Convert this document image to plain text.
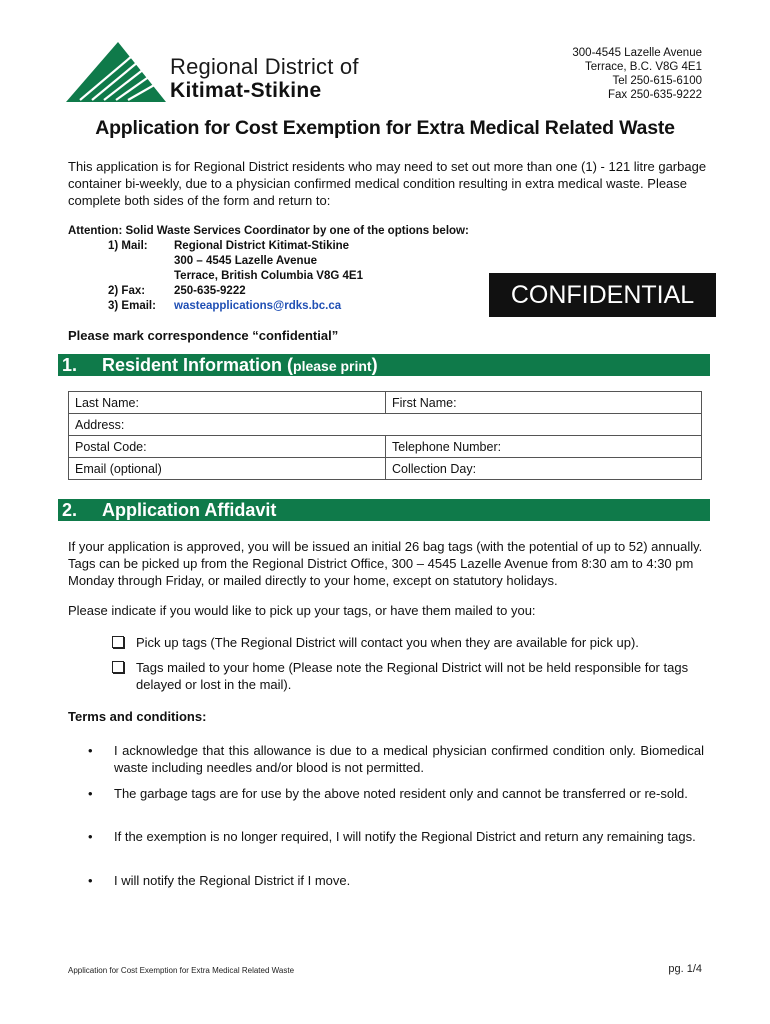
Regional District of
Kitimat-Stikine
300-4545 Lazelle Avenue
Terrace, B.C. V8G 4E1
Tel 250-615-6100
Fax 250-635-9222
Application for Cost Exemption for Extra Medical Related Waste

This application is for Regional District residents who may need to set out more than one (1) - 121 litre garbage container bi-weekly, due to a physician confirmed medical condition resulting in extra medical waste. Please complete both sides of the form and return to:

Attention: Solid Waste Services Coordinator by one of the options below:
1) Mail: Regional District Kitimat-Stikine
300 – 4545 Lazelle Avenue
Terrace, British Columbia V8G 4E1
2) Fax:	250-635-9222
3) Email: wasteapplications@rdks.bc.ca	CONFIDENTIAL
Please mark correspondence “confidential”
1. Resident Information (please print)
Last Name:	First Name:
Address:	
Postal Code:	Telephone Number:
Email (optional)	Collection Day:
2. Application Affidavit

If your application is approved, you will be issued an initial 26 bag tags (with the potential of up to 52) annually. Tags can be picked up from the Regional District Office, 300 – 4545 Lazelle Avenue from 8:30 am to 4:30 pm Monday through Friday, or mailed directly to your home, except on statutory holidays.

Please indicate if you would like to pick up your tags, or have them mailed to you:

Pick up tags (The Regional District will contact you when they are available for pick up).
Tags mailed to your home (Please note the Regional District will not be held responsible for tags delayed or lost in the mail).
Terms and conditions:
• I acknowledge that this allowance is due to a medical physician confirmed condition only. Biomedical waste including needles and/or blood is not permitted.
• The garbage tags are for use by the above noted resident only and cannot be transferred or re-sold.
• If the exemption is no longer required, I will notify the Regional District and return any remaining tags.
• I will notify the Regional District if I move.
Application for Cost Exemption for Extra Medical Related Waste	pg. 1/4
